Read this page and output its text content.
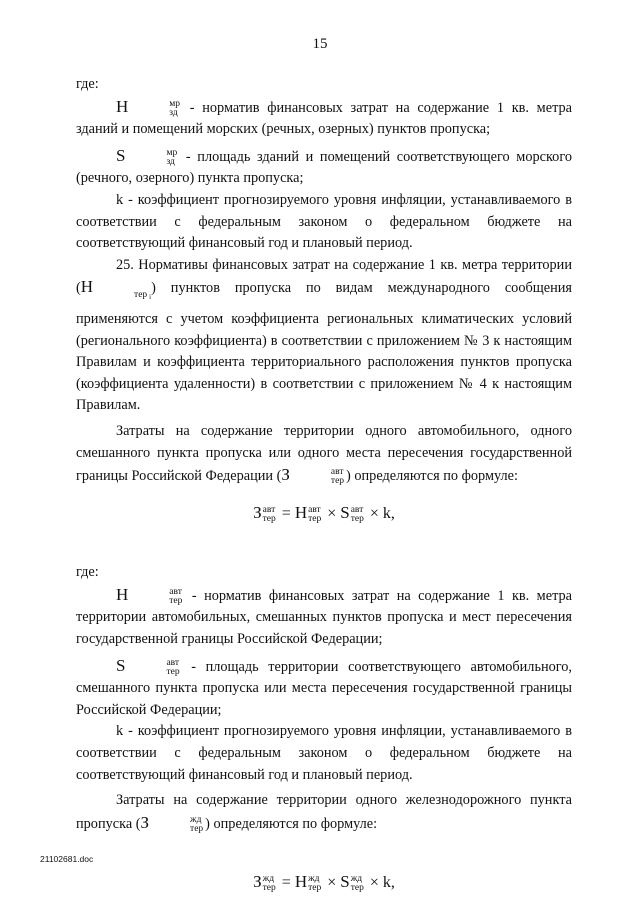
15

где:

Н	мр
зд - норматив финансовых затрат на содержание 1 кв. метра зданий и помещений морских (речных, озерных) пунктов пропуска;

S	мр
зд - площадь зданий и помещений соответствующего морского (речного, озерного) пункта пропуска;

k - коэффициент прогнозируемого уровня инфляции, устанавливаемого в соответствии с федеральным законом о федеральном бюджете на соответствующий финансовый год и плановый период.

25. Нормативы финансовых затрат на содержание 1 кв. метра территории (Н	тер $_i$) пунктов пропуска по видам международного сообщения применяются с учетом коэффициента региональных климатических условий (регионального коэффициента) в соответствии с приложением № 3 к настоящим Правилам и коэффициента территориального расположения пунктов пропуска (коэффициента удаленности) в соответствии с приложением № 4 к настоящим Правилам.

Затраты на содержание территории одного автомобильного, одного смешанного пункта пропуска или одного места пересечения государственной границы Российской Федерации (З	авт
тер ) определяются по формуле:

З авт
тер = Н авт
тер × S авт
тер × k,

где:

Н	авт
тер - норматив финансовых затрат на содержание 1 кв. метра территории автомобильных, смешанных пунктов пропуска и мест пересечения государственной границы Российской Федерации;

S	авт
тер - площадь территории соответствующего автомобильного, смешанного пункта пропуска или места пересечения государственной границы Российской Федерации;

k - коэффициент прогнозируемого уровня инфляции, устанавливаемого в соответствии с федеральным законом о федеральном бюджете на соответствующий финансовый год и плановый период.

Затраты на содержание территории одного железнодорожного пункта пропуска (З	жд
тер ) определяются по формуле:

З жд
тер = Н жд
тер × S жд
тер × k,

21102681.doc
